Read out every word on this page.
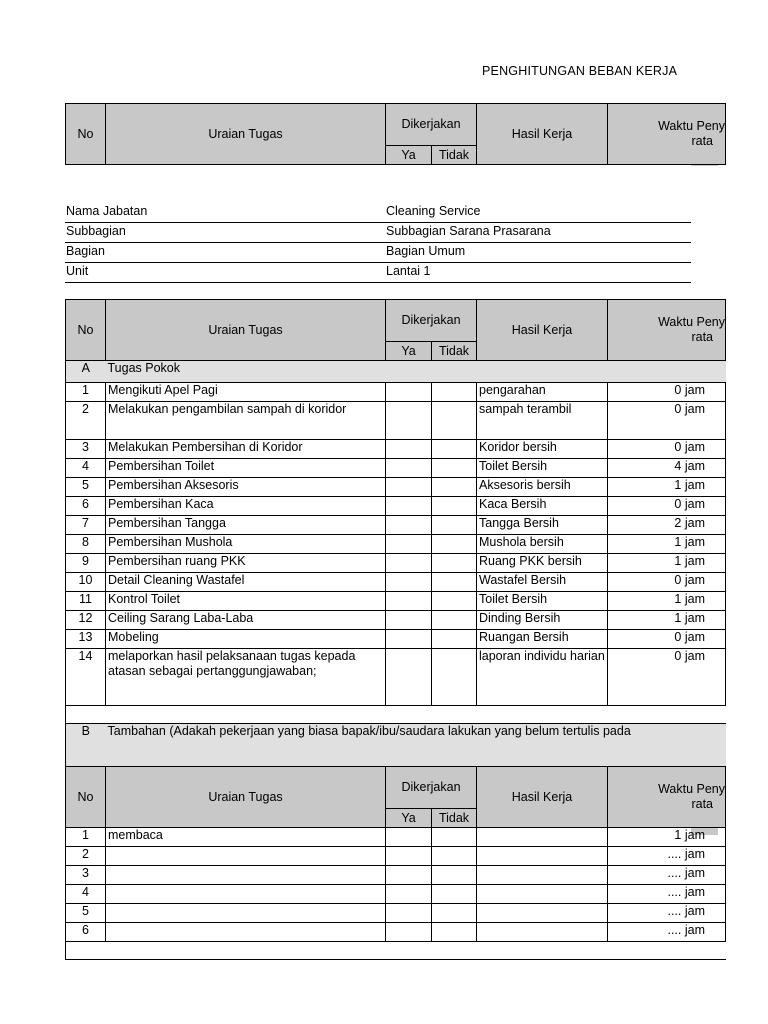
PENGHITUNGAN BEBAN KERJA
No	Uraian Tugas	Dikerjakan		Hasil Kerja	Waktu Peny
rata
		Ya	Tidak		
Nama Jabatan	Cleaning Service
Subbagian	Subbagian Sarana Prasarana
Bagian	Bagian Umum
Unit	Lantai 1
No	Uraian Tugas	Dikerjakan		Hasil Kerja	Waktu Peny
rata
		Ya	Tidak		
A	Tugas Pokok				
1	Mengikuti Apel Pagi			pengarahan	0 jam
2	Melakukan pengambilan sampah di koridor			sampah terambil	0 jam
3	Melakukan Pembersihan di Koridor			Koridor bersih	0 jam
4	Pembersihan Toilet			Toilet Bersih	4 jam
5	Pembersihan Aksesoris			Aksesoris bersih	1 jam
6	Pembersihan Kaca			Kaca Bersih	0 jam
7	Pembersihan Tangga			Tangga Bersih	2 jam
8	Pembersihan Mushola			Mushola bersih	1 jam
9	Pembersihan ruang PKK			Ruang PKK bersih	1 jam
10	Detail Cleaning Wastafel			Wastafel Bersih	0 jam
11	Kontrol Toilet			Toilet Bersih	1 jam
12	Ceiling Sarang Laba-Laba			Dinding Bersih	1 jam
13	Mobeling			Ruangan Bersih	0 jam
14	melaporkan hasil pelaksanaan tugas kepada atasan sebagai pertanggungjawaban;			laporan individu harian	0 jam

B	Tambahan (Adakah pekerjaan yang biasa bapak/ibu/saudara lakukan yang belum tertulis pada				
No	Uraian Tugas	Dikerjakan		Hasil Kerja	Waktu Peny
rata
		Ya	Tidak		
1	membaca				1 jam
2					.... jam
3					.... jam
4					.... jam
5					.... jam
6					.... jam
